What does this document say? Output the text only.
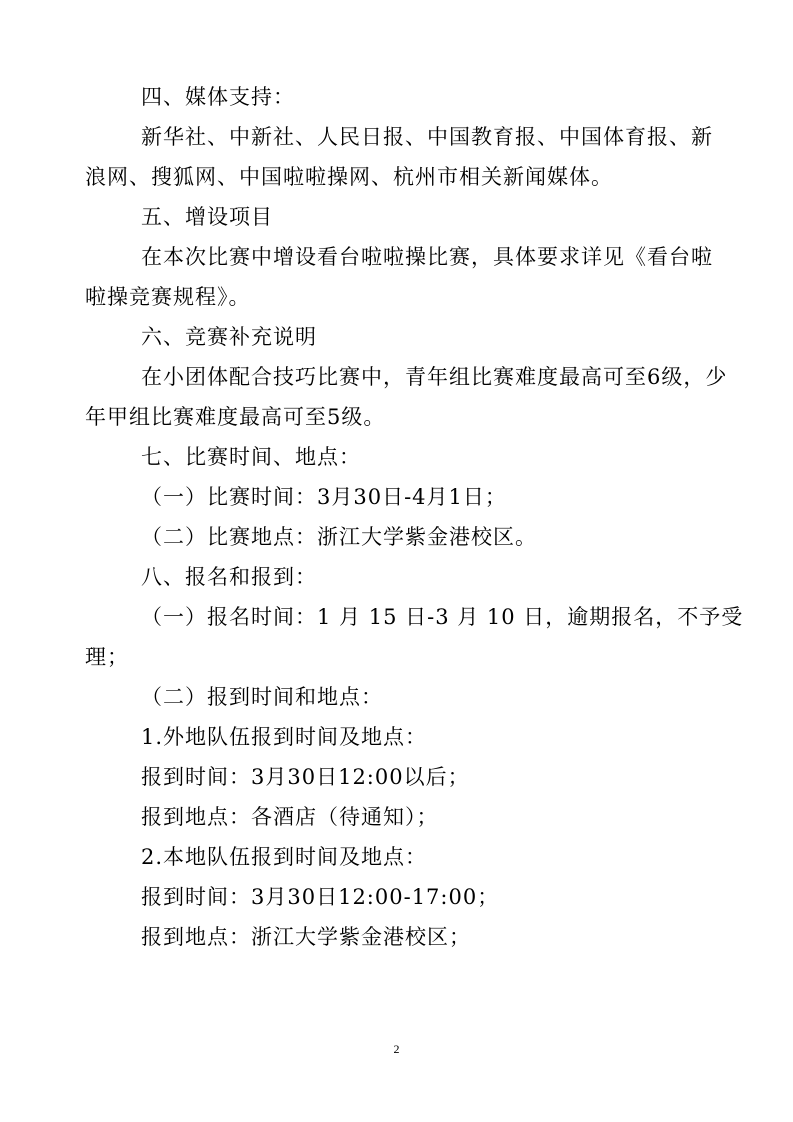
四、媒体支持：

新华社、中新社、人民日报、中国教育报、中国体育报、新

浪网、搜狐网、中国啦啦操网、杭州市相关新闻媒体。

五、增设项目

在本次比赛中增设看台啦啦操比赛，具体要求详见《看台啦

啦操竞赛规程》。

六、竞赛补充说明

在小团体配合技巧比赛中，青年组比赛难度最高可至6级，少

年甲组比赛难度最高可至5级。

七、比赛时间、地点：

（一）比赛时间：3月30日-4月1日；

（二）比赛地点：浙江大学紫金港校区。

八、报名和报到：

（一）报名时间：1 月 15 日-3 月 10 日，逾期报名，不予受

理；

（二）报到时间和地点：

1.外地队伍报到时间及地点：

报到时间：3月30日12:00以后；

报到地点：各酒店（待通知）；

2.本地队伍报到时间及地点：

报到时间：3月30日12:00-17:00；

报到地点：浙江大学紫金港校区；

2
